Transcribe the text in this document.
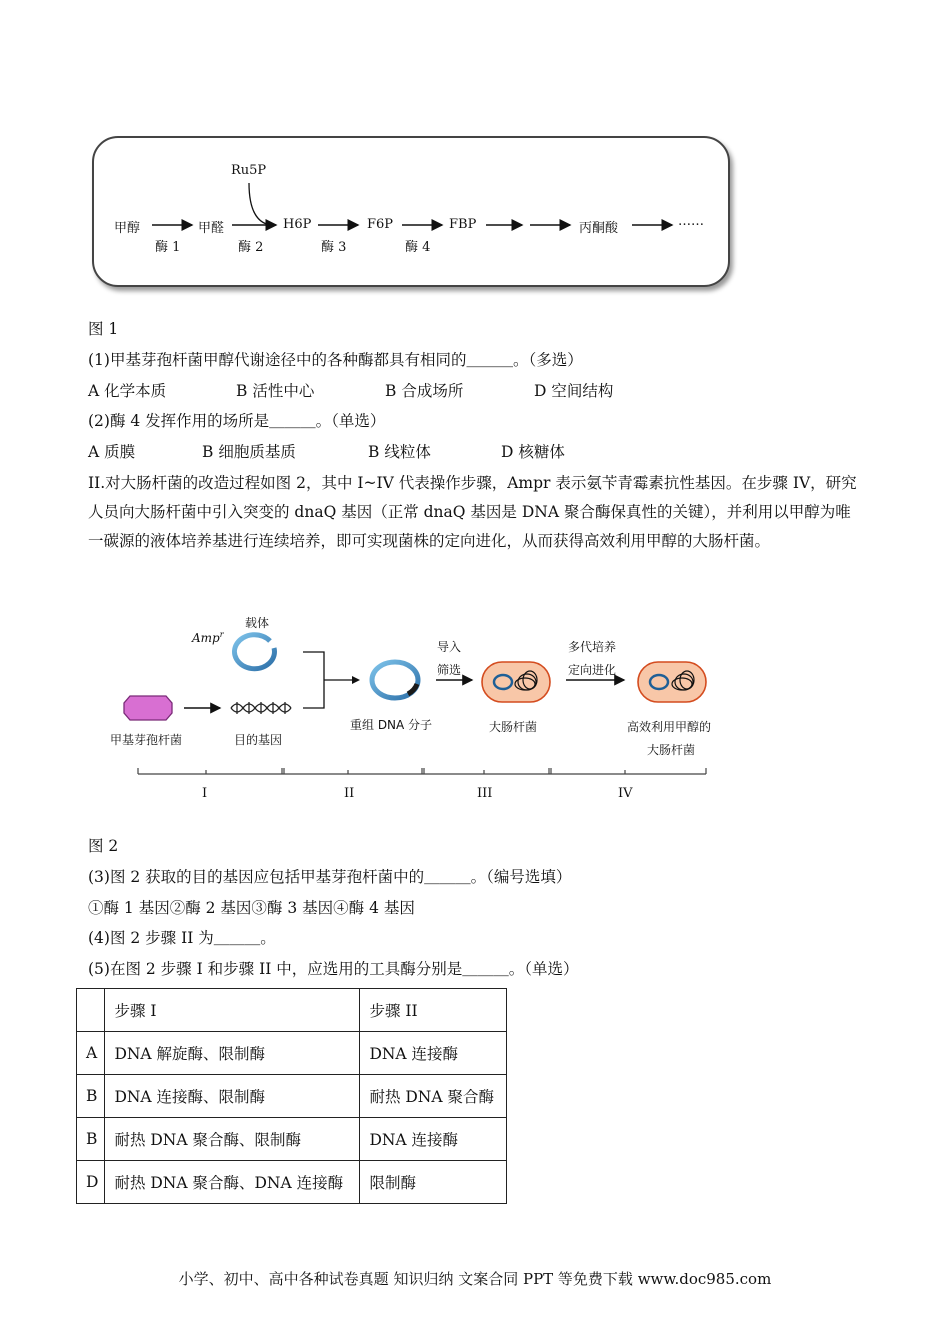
Ru5P
甲醇	甲醛	H6P	F6P	FBP	丙酮酸	……
酶 1	酶 2	酶 3	酶 4
图 1
(1)甲基芽孢杆菌甲醇代谢途径中的各种酶都具有相同的＿＿＿。（多选）
A 化学本质	B 活性中心	B 合成场所	D 空间结构
(2)酶 4 发挥作用的场所是＿＿＿。（单选）
A 质膜	B 细胞质基质	B 线粒体	D 核糖体
II.对大肠杆菌的改造过程如图 2，其中 I~IV 代表操作步骤，Ampr 表示氨苄青霉素抗性基因。在步骤 IV，研究人员向大肠杆菌中引入突变的 dnaQ 基因（正常 dnaQ 基因是 DNA 聚合酶保真性的关键），并利用以甲醇为唯一碳源的液体培养基进行连续培养，即可实现菌株的定向进化，从而获得高效利用甲醇的大肠杆菌。
载体
Amp$^r$
甲基芽孢杆菌	目的基因
重组 DNA 分子
导入
筛选
大肠杆菌
多代培养
定向进化
高效利用甲醇的
大肠杆菌
I	II	III	IV
图 2
(3)图 2 获取的目的基因应包括甲基芽孢杆菌中的＿＿＿。（编号选填）
①酶 1 基因②酶 2 基因③酶 3 基因④酶 4 基因
(4)图 2 步骤 II 为＿＿＿。
(5)在图 2 步骤 I 和步骤 II 中，应选用的工具酶分别是＿＿＿。（单选）
	步骤 I	步骤 II
A	DNA 解旋酶、限制酶	DNA 连接酶
B	DNA 连接酶、限制酶	耐热 DNA 聚合酶
B	耐热 DNA 聚合酶、限制酶	DNA 连接酶
D	耐热 DNA 聚合酶、DNA 连接酶	限制酶
小学、初中、高中各种试卷真题 知识归纳 文案合同 PPT 等免费下载 www.doc985.com
